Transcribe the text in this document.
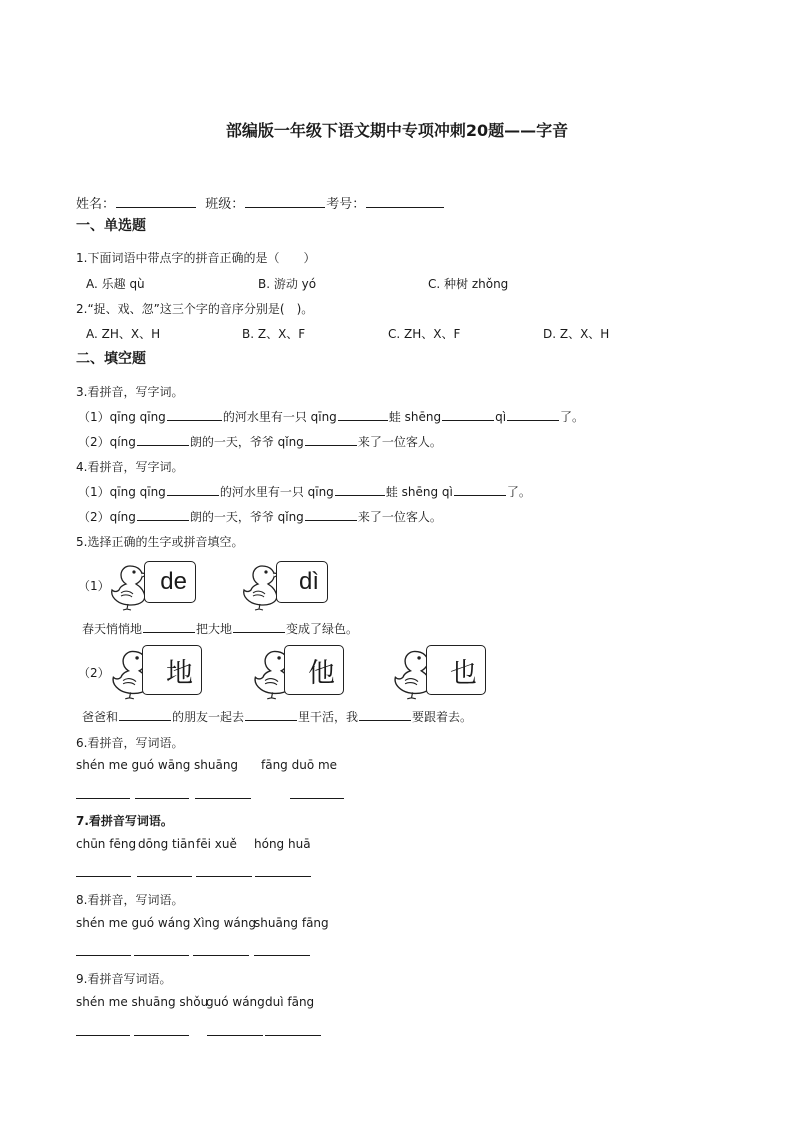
部编版一年级下语文期中专项冲刺20题——字音
姓名：	班级：	考号：
一、单选题
1.下面词语中带点字的拼音正确的是（　　）
A. 乐趣 qù	B. 游动 yó	C. 种树 zhǒng
2.“捉、戏、忽”这三个字的音序分别是(　)。
A. ZH、X、H	B. Z、X、F	C. ZH、X、F	D. Z、X、H
二、填空题
3.看拼音，写字词。
（1）qīng qīng	的河水里有一只 qīng	蛙 shēng	qì	了。
（2）qíng	朗的一天，爷爷 qǐng	来了一位客人。
4.看拼音，写字词。
（1）qīng qīng	的河水里有一只 qīng	蛙 shēng qì	了。
（2）qíng	朗的一天，爷爷 qǐng	来了一位客人。
5.选择正确的生字或拼音填空。
（1）	de	dì
春天悄悄地	把大地	变成了绿色。
（2）	地	他	也
爸爸和	的朋友一起去	里干活，我	要跟着去。
6.看拼音，写词语。
shén me guó wāng shuāng fāng duō me
7.看拼音写词语。
chūn fēng dōng tiān fēi xuě hóng huā
8.看拼音，写词语。
shén me guó wáng Xìng wáng
shuāng fāng
9.看拼音写词语。
shén me shuāng shǒu
guó wáng duì fāng
